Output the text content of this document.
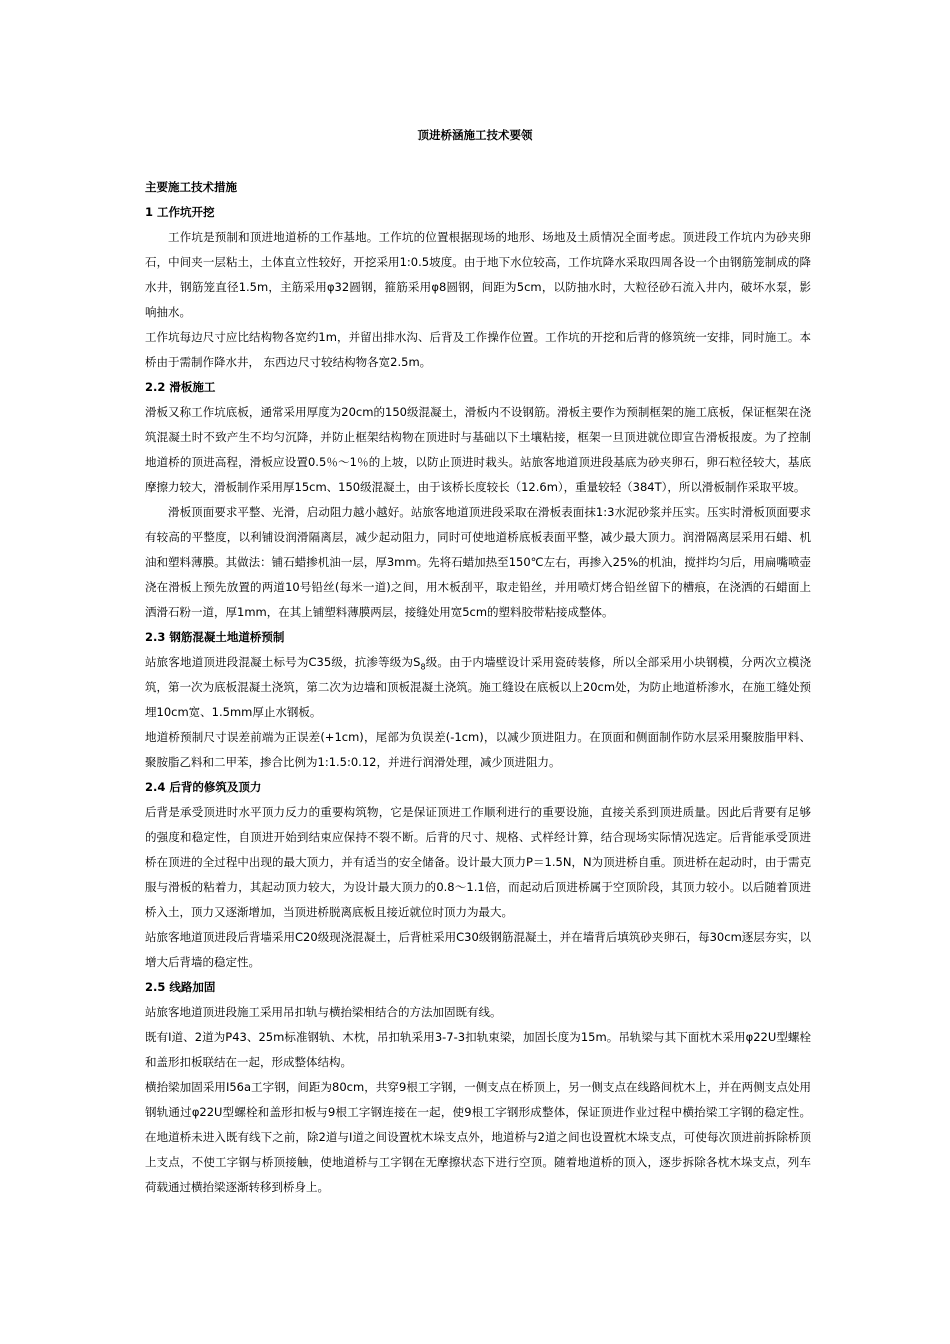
顶进桥涵施工技术要领

主要施工技术措施

1 工作坑开挖

工作坑是预制和顶进地道桥的工作基地。工作坑的位置根据现场的地形、场地及土质情况全面考虑。顶进段工作坑内为砂夹卵石，中间夹一层粘土，土体直立性较好，开挖采用1:0.5坡度。由于地下水位较高，工作坑降水采取四周各设一个由钢筋笼制成的降水井，钢筋笼直径1.5m，主筋采用φ32圆钢，箍筋采用φ8圆钢，间距为5cm，以防抽水时，大粒径砂石流入井内，破坏水泵，影响抽水。

工作坑每边尺寸应比结构物各宽约1m，并留出排水沟、后背及工作操作位置。工作坑的开挖和后背的修筑统一安排，同时施工。本桥由于需制作降水井， 东西边尺寸较结构物各宽2.5m。

2.2 滑板施工

滑板又称工作坑底板，通常采用厚度为20cm的150级混凝土，滑板内不设钢筋。滑板主要作为预制框架的施工底板，保证框架在浇筑混凝土时不致产生不均匀沉降，并防止框架结构物在顶进时与基础以下土壤粘接，框架一旦顶进就位即宣告滑板报废。为了控制地道桥的顶进高程，滑板应设置0.5％～1％的上坡，以防止顶进时栽头。站旅客地道顶进段基底为砂夹卵石，卵石粒径较大，基底摩擦力较大，滑板制作采用厚15cm、150级混凝土，由于该桥长度较长（12.6m），重量较轻（384T），所以滑板制作采取平坡。

滑板顶面要求平整、光滑，启动阻力越小越好。站旅客地道顶进段采取在滑板表面抹1:3水泥砂浆并压实。压实时滑板顶面要求有较高的平整度，以利铺设润滑隔离层，减少起动阻力，同时可使地道桥底板表面平整，减少最大顶力。润滑隔离层采用石蜡、机油和塑料薄膜。其做法：铺石蜡掺机油一层，厚3mm。先将石蜡加热至150℃左右，再掺入25%的机油，搅拌均匀后，用扁嘴喷壶浇在滑板上预先放置的两道10号铅丝(每米一道)之间，用木板刮平，取走铅丝，并用喷灯烤合铅丝留下的槽痕，在浇洒的石蜡面上洒滑石粉一道，厚1mm，在其上铺塑料薄膜两层，接缝处用宽5cm的塑料胶带粘接成整体。

2.3 钢筋混凝土地道桥预制

站旅客地道顶进段混凝土标号为C35级，抗渗等级为$S_8$级。由于内墙壁设计采用瓷砖装修，所以全部采用小块钢模，分两次立模浇筑，第一次为底板混凝土浇筑，第二次为边墙和顶板混凝土浇筑。施工缝设在底板以上20cm处，为防止地道桥渗水，在施工缝处预埋10cm宽、1.5mm厚止水钢板。

地道桥预制尺寸误差前端为正误差(+1cm)，尾部为负误差(-1cm)，以减少顶进阻力。在顶面和侧面制作防水层采用聚胺脂甲料、聚胺脂乙料和二甲苯，掺合比例为1:1.5:0.12，并进行润滑处理，减少顶进阻力。

2.4 后背的修筑及顶力

后背是承受顶进时水平顶力反力的重要构筑物，它是保证顶进工作顺利进行的重要设施，直接关系到顶进质量。因此后背要有足够的强度和稳定性，自顶进开始到结束应保持不裂不断。后背的尺寸、规格、式样经计算，结合现场实际情况选定。后背能承受顶进桥在顶进的全过程中出现的最大顶力，并有适当的安全储备。设计最大顶力P＝1.5N，N为顶进桥自重。顶进桥在起动时，由于需克服与滑板的粘着力，其起动顶力较大，为设计最大顶力的0.8～1.1倍，而起动后顶进桥属于空顶阶段，其顶力较小。以后随着顶进桥入土，顶力又逐渐增加，当顶进桥脱离底板且接近就位时顶力为最大。

站旅客地道顶进段后背墙采用C20级现浇混凝土，后背桩采用C30级钢筋混凝土，并在墙背后填筑砂夹卵石，每30cm逐层夯实，以增大后背墙的稳定性。

2.5 线路加固

站旅客地道顶进段施工采用吊扣轨与横抬梁相结合的方法加固既有线。

既有Ⅰ道、2道为P43、25m标准钢轨、木枕，吊扣轨采用3-7-3扣轨束梁，加固长度为15m。吊轨梁与其下面枕木采用φ22U型螺栓和盖形扣板联结在一起，形成整体结构。

横抬梁加固采用I56a工字钢，间距为80cm，共穿9根工字钢，一侧支点在桥顶上，另一侧支点在线路间枕木上，并在两侧支点处用钢轨通过φ22U型螺栓和盖形扣板与9根工字钢连接在一起，使9根工字钢形成整体，保证顶进作业过程中横抬梁工字钢的稳定性。在地道桥未进入既有线下之前，除2道与Ⅰ道之间设置枕木垛支点外，地道桥与2道之间也设置枕木垛支点，可使每次顶进前拆除桥顶上支点，不使工字钢与桥顶接触，使地道桥与工字钢在无摩擦状态下进行空顶。随着地道桥的顶入，逐步拆除各枕木垛支点，列车荷载通过横抬梁逐渐转移到桥身上。
